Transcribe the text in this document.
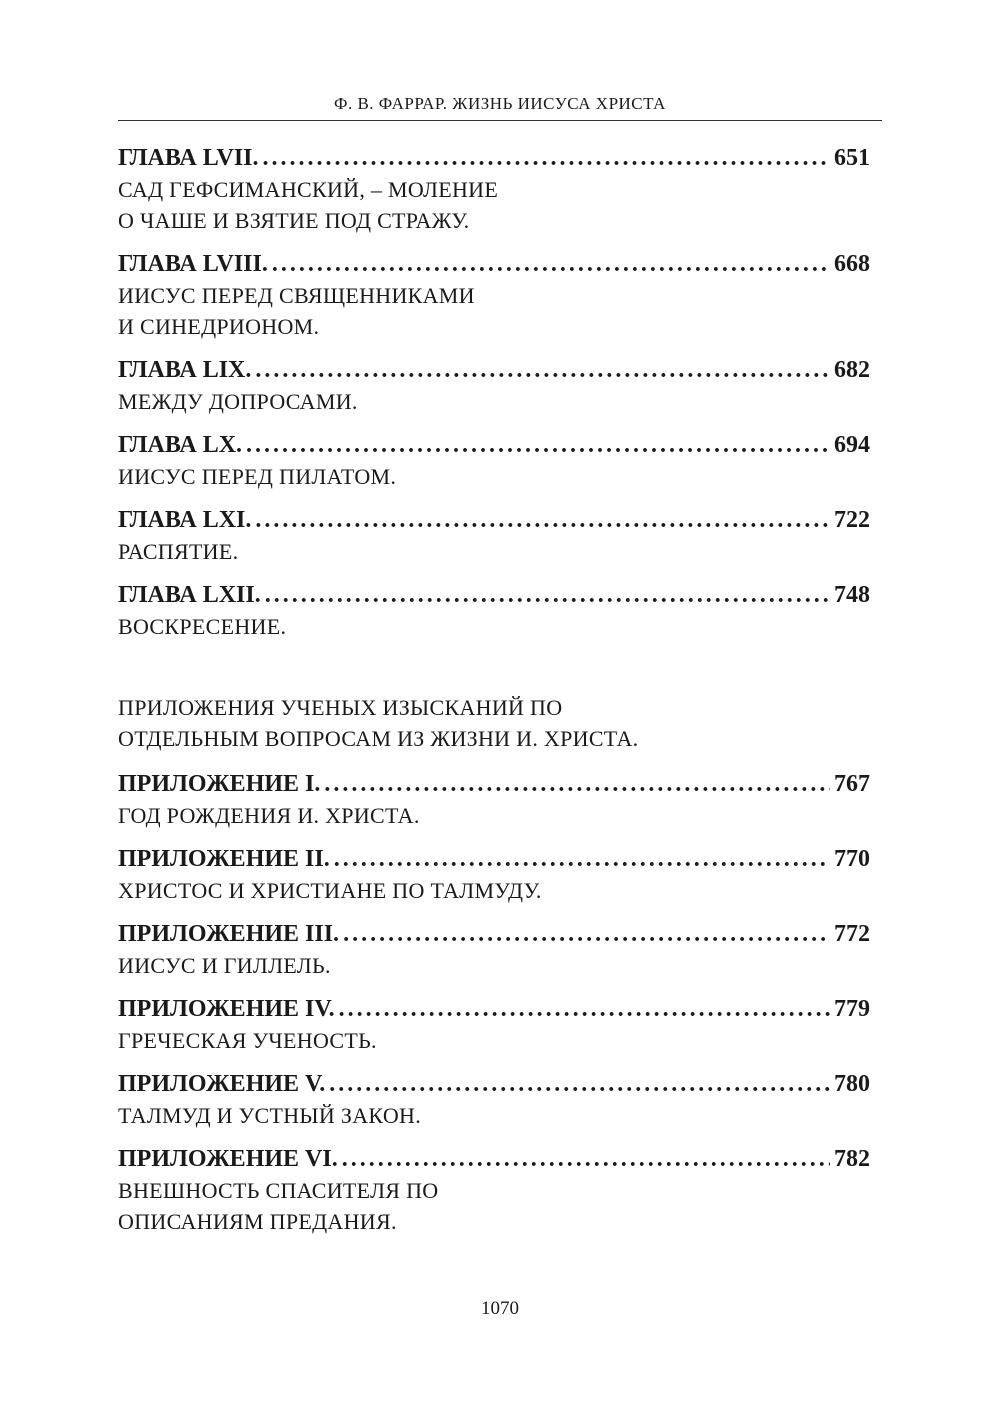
Ф. В. ФАРРАР. ЖИЗНЬ ИИСУСА ХРИСТА
ГЛАВА LVII. .....	651
САД ГЕФСИМАНСКИЙ, – МОЛЕНИЕ
О ЧАШЕ И ВЗЯТИЕ ПОД СТРАЖУ.
ГЛАВА LVIII. .....	668
ИИСУС ПЕРЕД СВЯЩЕННИКАМИ
И СИНЕДРИОНОМ.
ГЛАВА LIX. .....	682
МЕЖДУ ДОПРОСАМИ.
ГЛАВА LX. .....	694
ИИСУС ПЕРЕД ПИЛАТОМ.
ГЛАВА LXI. .....	722
РАСПЯТИЕ.
ГЛАВА LXII. .....	748
ВОСКРЕСЕНИЕ.
ПРИЛОЖЕНИЯ УЧЕНЫХ ИЗЫСКАНИЙ ПО
ОТДЕЛЬНЫМ ВОПРОСАМ ИЗ ЖИЗНИ И. ХРИСТА.
ПРИЛОЖЕНИЕ I. .....	767
ГОД РОЖДЕНИЯ И. ХРИСТА.
ПРИЛОЖЕНИЕ II. .....	770
ХРИСТОС И ХРИСТИАНЕ ПО ТАЛМУДУ.
ПРИЛОЖЕНИЕ III. .....	772
ИИСУС И ГИЛЛЕЛЬ.
ПРИЛОЖЕНИЕ IV. .....	779
ГРЕЧЕСКАЯ УЧЕНОСТЬ.
ПРИЛОЖЕНИЕ V. .....	780
ТАЛМУД И УСТНЫЙ ЗАКОН.
ПРИЛОЖЕНИЕ VI. .....	782
ВНЕШНОСТЬ СПАСИТЕЛЯ ПО
ОПИСАНИЯМ ПРЕДАНИЯ.
1070
